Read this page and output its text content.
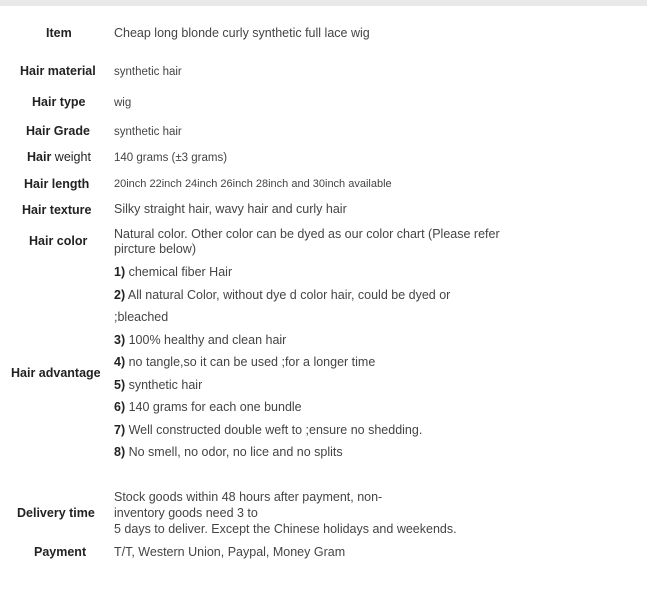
Item	Cheap long blonde curly synthetic full lace wig
Hair material synthetic hair
Hair type wig
Hair Grade synthetic hair
Hair weight 140 grams (±3 grams)
Hair length 20inch 22inch 24inch 26inch 28inch and 30inch available
Hair texture Silky straight hair, wavy hair and curly hair
Hair color Natural color. Other color can be dyed as our color chart (Please refer
pircture below)
Hair advantage
1) chemical fiber Hair
2) All natural Color, without dye d color hair, could be dyed or
;bleached
3) 100% healthy and clean hair
4) no tangle,so it can be used ;for a longer time
5) synthetic hair
6) 140 grams for each one bundle
7) Well constructed double weft to ;ensure no shedding.
8) No smell, no odor, no lice and no splits
Delivery time
Stock goods within 48 hours after payment, non-
inventory goods need 3 to
5 days to deliver. Except the Chinese holidays and weekends.
Payment T/T, Western Union, Paypal, Money Gram
